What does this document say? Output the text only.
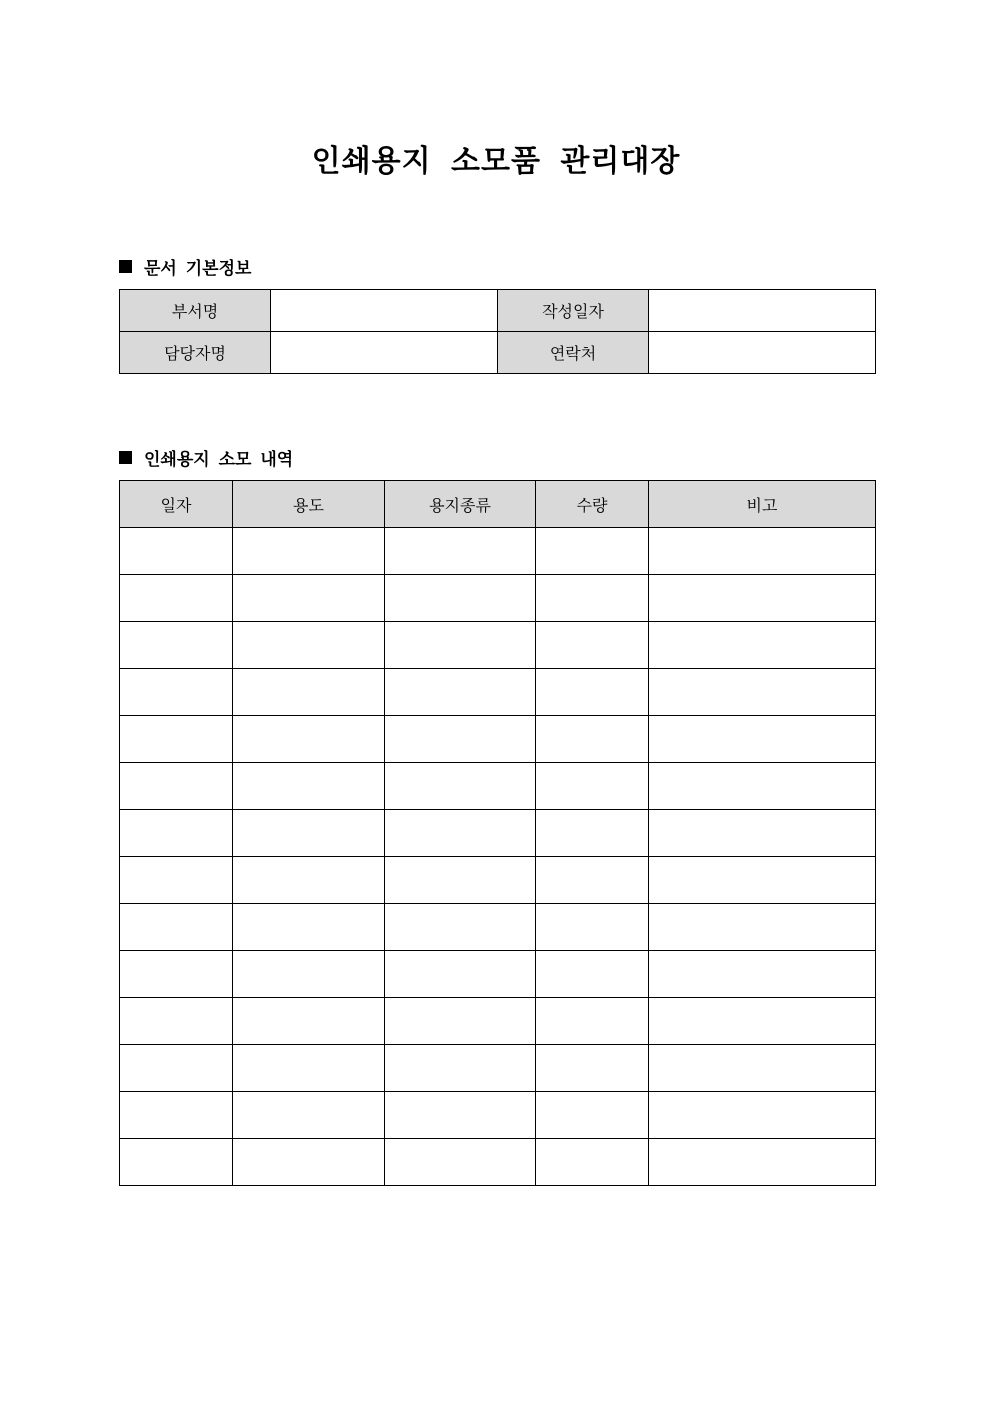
인쇄용지 소모품 관리대장
문서 기본정보
부서명		작성일자	
담당자명		연락처	
인쇄용지 소모 내역
일자	용도	용지종류	수량	비고
